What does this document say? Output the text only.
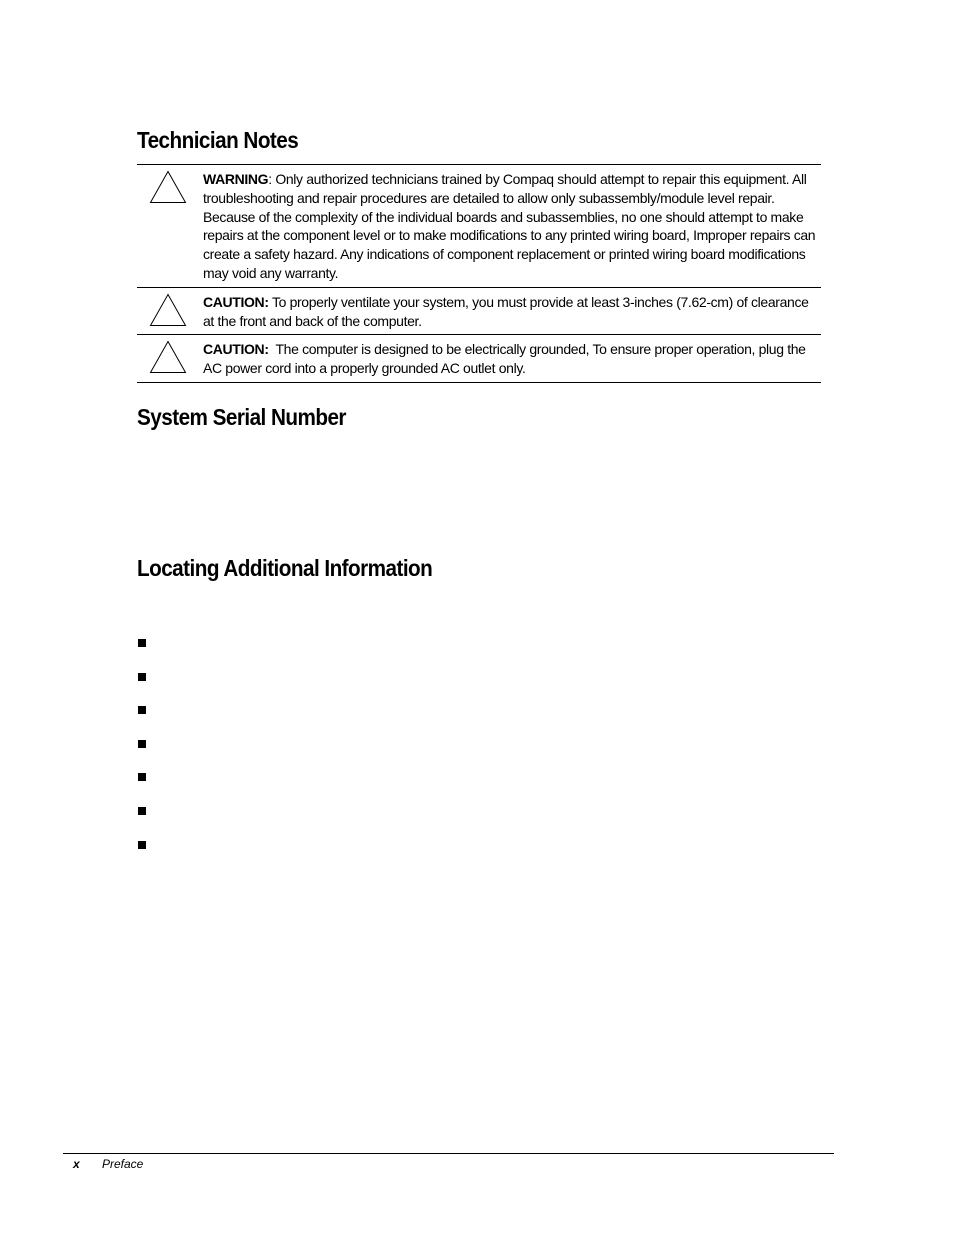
Technician Notes
WARNING: Only authorized technicians trained by Compaq should attempt to repair this equipment. All troubleshooting and repair procedures are detailed to allow only subassembly/module level repair. Because of the complexity of the individual boards and subassemblies, no one should attempt to make repairs at the component level or to make modifications to any printed wiring board, Improper repairs can create a safety hazard. Any indications of component replacement or printed wiring board modifications may void any warranty.
CAUTION: To properly ventilate your system, you must provide at least 3-inches (7.62-cm) of clearance at the front and back of the computer.
CAUTION: The computer is designed to be electrically grounded, To ensure proper operation, plug the AC power cord into a properly grounded AC outlet only.
System Serial Number
Locating Additional Information
x Preface
